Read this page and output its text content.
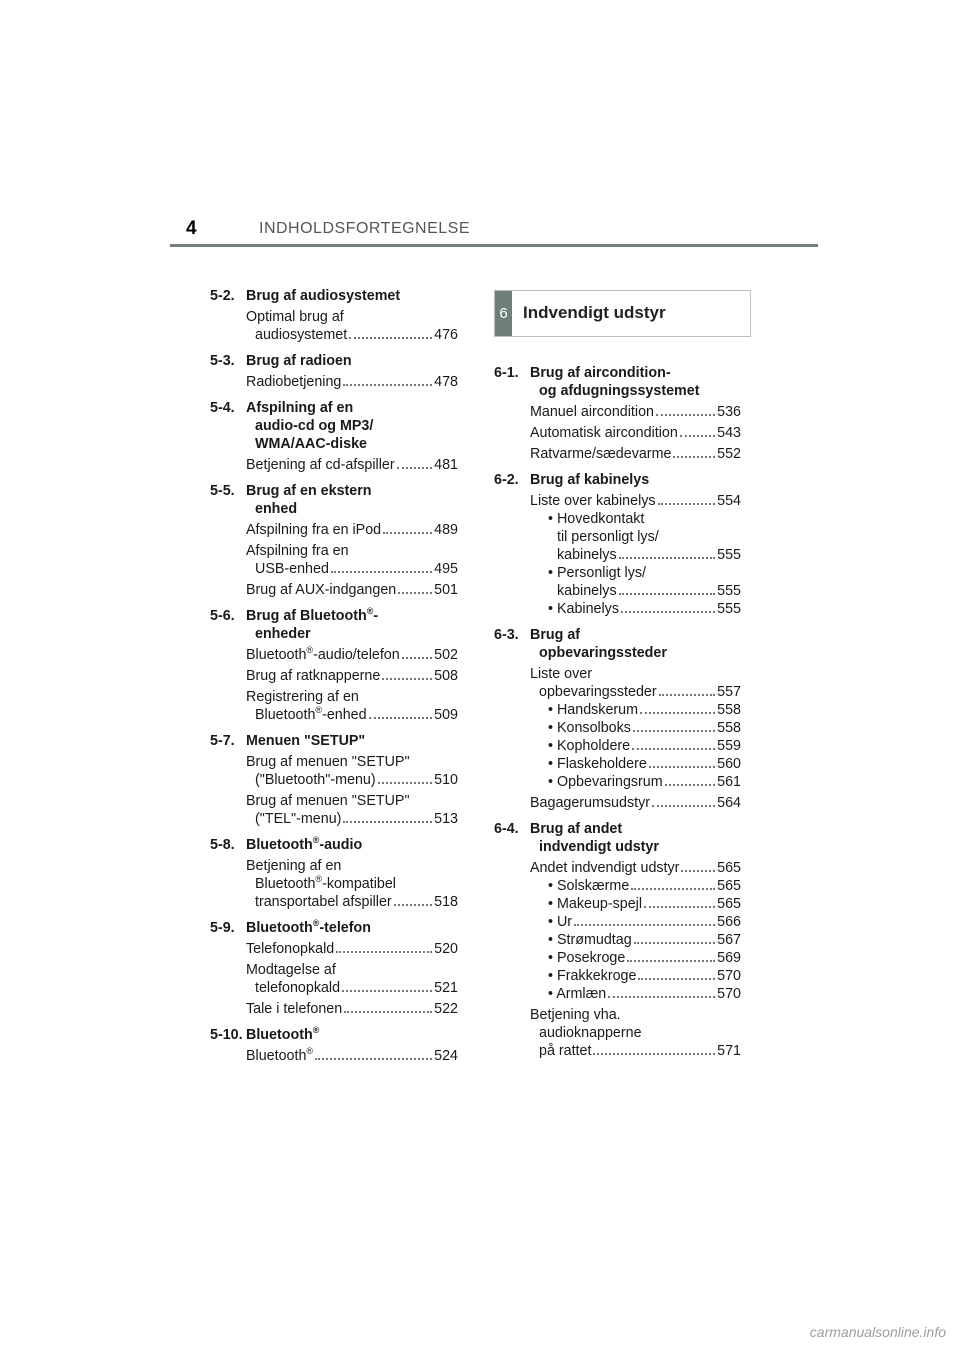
4	INDHOLDSFORTEGNELSE
5-2. Brug af audiosystemet
Optimal brug af
audiosystemet	476
5-3. Brug af radioen
Radiobetjening	478
5-4. Afspilning af en
audio-cd og MP3/
WMA/AAC-diske
Betjening af cd-afspiller	481
5-5. Brug af en ekstern
enhed
Afspilning fra en iPod	489
Afspilning fra en
USB-enhed	495
Brug af AUX-indgangen	501
5-6. Brug af Bluetooth®-
enheder
Bluetooth®-audio/telefon 502
Brug af ratknapperne	508
Registrering af en
Bluetooth®-enhed	509
5-7. Menuen "SETUP"
Brug af menuen "SETUP"
("Bluetooth"-menu)	510
Brug af menuen "SETUP"
("TEL"-menu)	513
5-8. Bluetooth®-audio
Betjening af en
Bluetooth®-kompatibel
transportabel afspiller	518
5-9. Bluetooth®-telefon
Telefonopkald	520
Modtagelse af
telefonopkald	521
Tale i telefonen	522
5-10. Bluetooth®
Bluetooth®	524
6 Indvendigt udstyr
6-1. Brug af aircondition-
og afdugningssystemet
Manuel aircondition	536
Automatisk aircondition	543
Ratvarme/sædevarme	552
6-2. Brug af kabinelys
Liste over kabinelys	554
• Hovedkontakt
til personligt lys/
kabinelys	555
• Personligt lys/
kabinelys	555
• Kabinelys	555
6-3. Brug af
opbevaringssteder
Liste over
opbevaringssteder	557
• Handskerum	558
• Konsolboks	558
• Kopholdere	559
• Flaskeholdere	560
• Opbevaringsrum	561
Bagagerumsudstyr	564
6-4. Brug af andet
indvendigt udstyr
Andet indvendigt udstyr	565
• Solskærme	565
• Makeup-spejl	565
• Ur	566
• Strømudtag	567
• Posekroge	569
• Frakkekroge	570
• Armlæn	570
Betjening vha.
audioknapperne
på rattet	571
carmanualsonline.info
